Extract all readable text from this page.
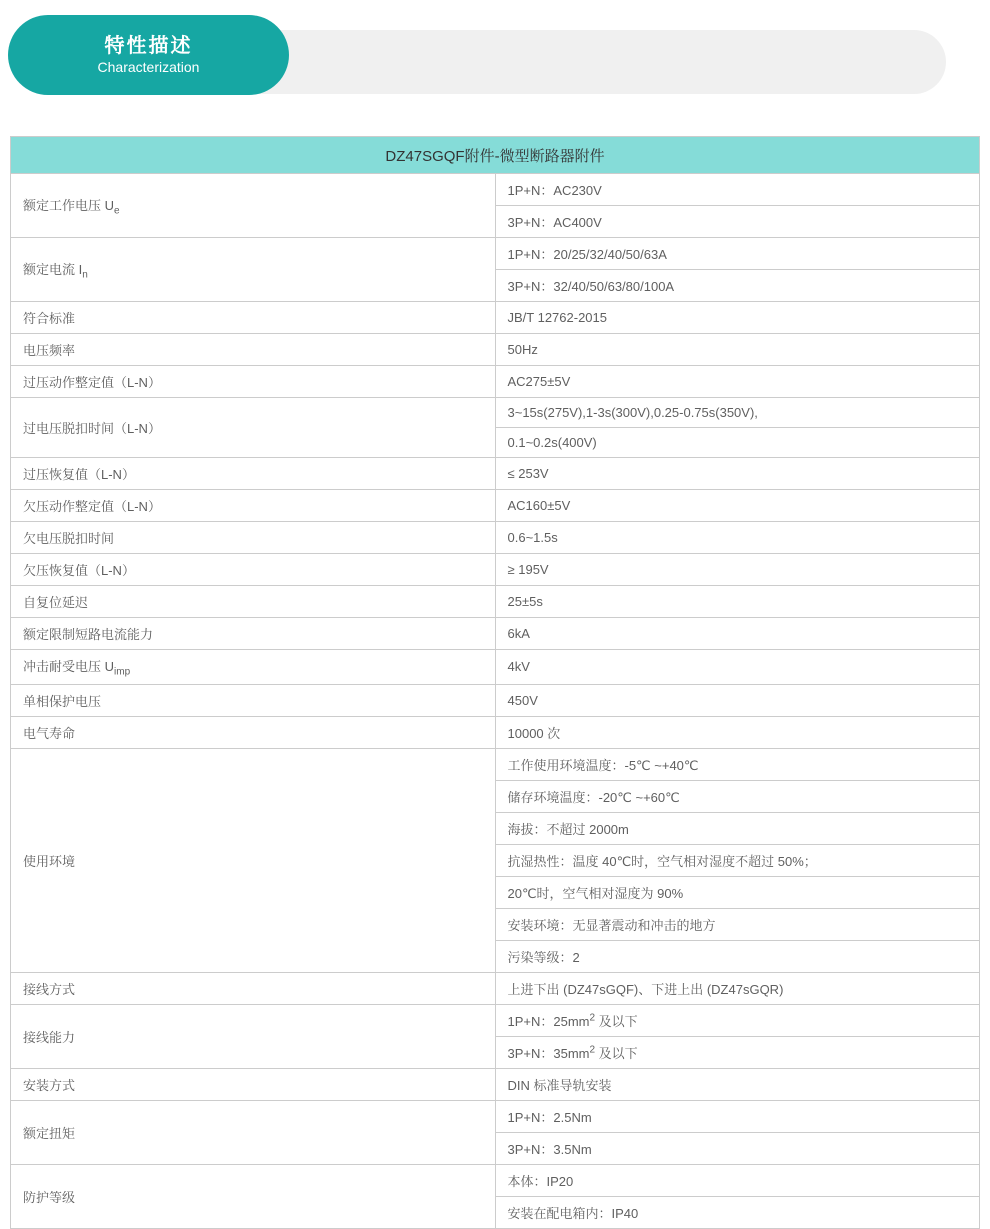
特性描述
Characterization
DZ47SGQF附件-微型断路器附件	
额定工作电压 $U_e$	1P+N：AC230V
	3P+N：AC400V
额定电流 $I_n$	1P+N：20/25/32/40/50/63A
	3P+N：32/40/50/63/80/100A
符合标准	JB/T 12762-2015
电压频率	50Hz
过压动作整定值（L-N）	AC275±5V
过电压脱扣时间（L-N）	3~15s(275V),1-3s(300V),0.25-0.75s(350V),
	0.1~0.2s(400V)
过压恢复值（L-N）	≤ 253V
欠压动作整定值（L-N）	AC160±5V
欠电压脱扣时间	0.6~1.5s
欠压恢复值（L-N）	≥ 195V
自复位延迟	25±5s
额定限制短路电流能力	6kA
冲击耐受电压 $U_{imp}$	4kV
单相保护电压	450V
电气寿命	10000 次
使用环境	工作使用环境温度：-5℃ ~+40℃
	储存环境温度：-20℃ ~+60℃
	海拔：不超过 2000m
	抗湿热性：温度 40℃时，空气相对湿度不超过 50%；
	20℃时，空气相对湿度为 90%
	安装环境：无显著震动和冲击的地方
	污染等级：2
接线方式	上进下出 (DZ47sGQF)、下进上出 (DZ47sGQR)
接线能力	1P+N：$25mm^2$ 及以下
	3P+N：$35mm^2$ 及以下
安装方式	DIN 标准导轨安装
额定扭矩	1P+N：2.5Nm
	3P+N：3.5Nm
防护等级	本体：IP20
	安装在配电箱内：IP40
